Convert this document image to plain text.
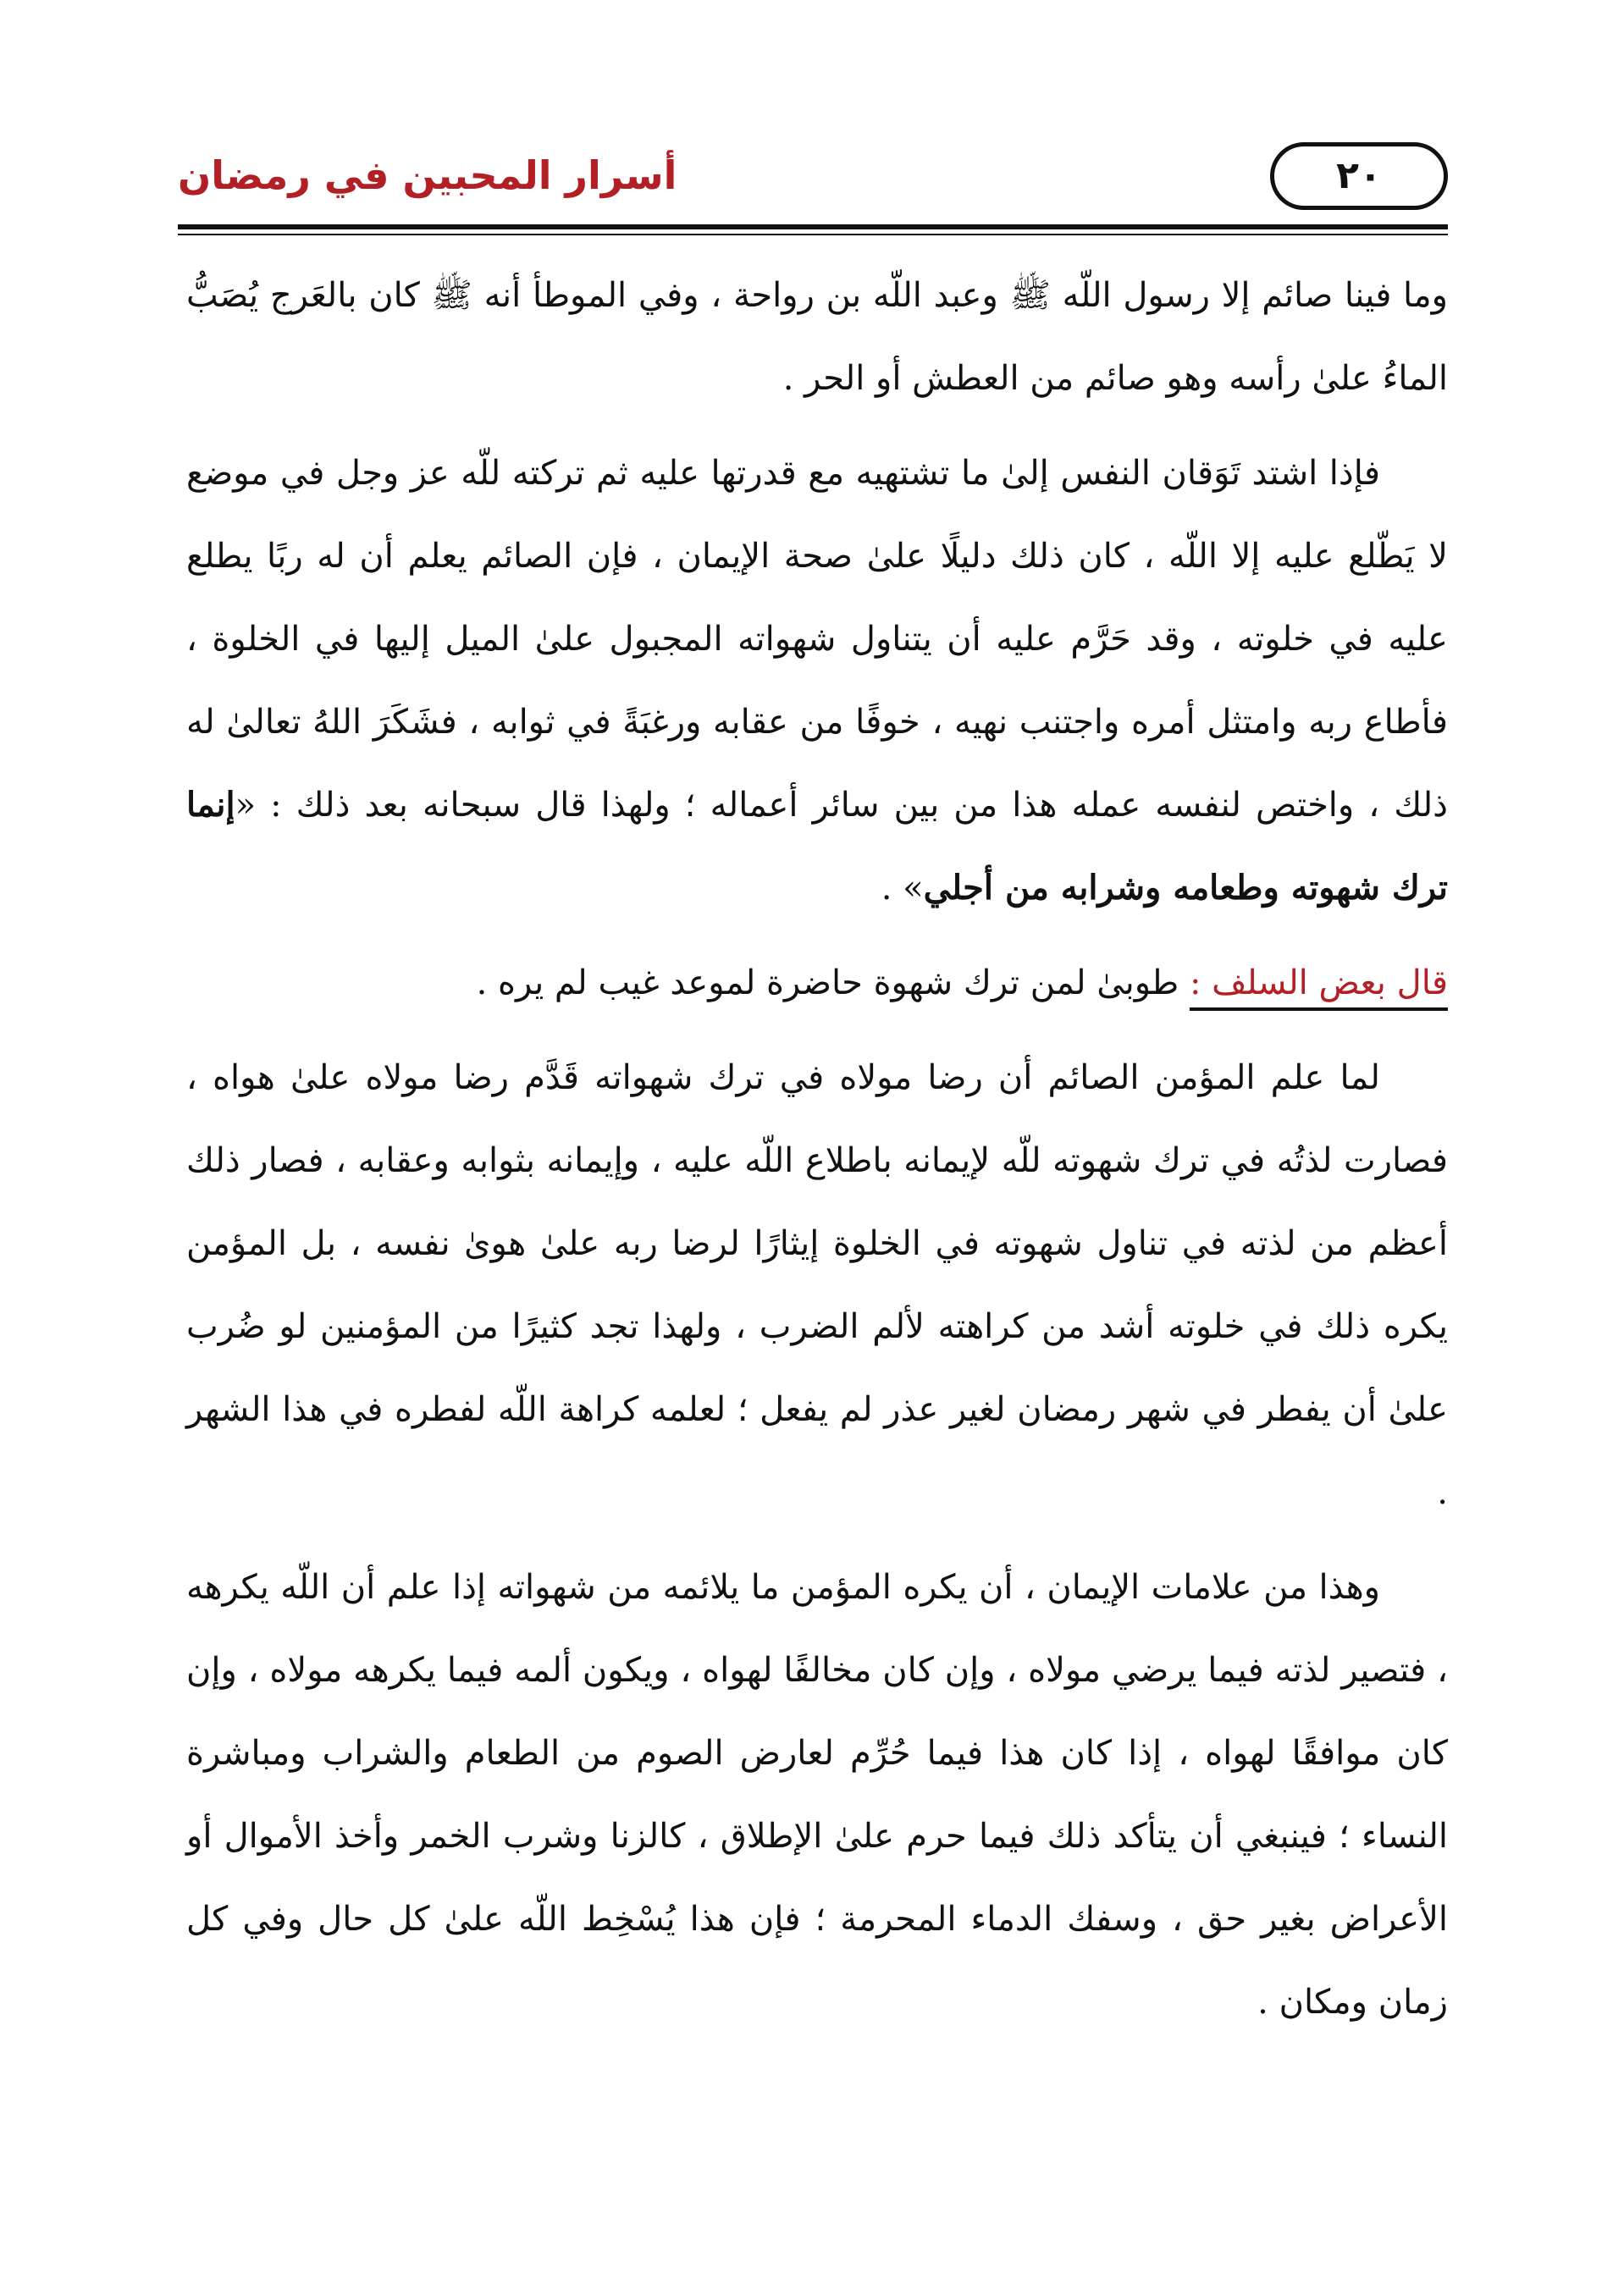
أسرار المحبين في رمضان	٢٠

وما فينا صائم إلا رسول اللّه ﷺ وعبد اللّه بن رواحة ، وفي الموطأ أنه ﷺ كان بالعَرج يُصَبُّ الماءُ علىٰ رأسه وهو صائم من العطش أو الحر .

فإذا اشتد تَوَقان النفس إلىٰ ما تشتهيه مع قدرتها عليه ثم تركته للّه عز وجل في موضع لا يَطّلع عليه إلا اللّه ، كان ذلك دليلًا علىٰ صحة الإيمان ، فإن الصائم يعلم أن له ربًا يطلع عليه في خلوته ، وقد حَرَّم عليه أن يتناول شهواته المجبول علىٰ الميل إليها في الخلوة ، فأطاع ربه وامتثل أمره واجتنب نهيه ، خوفًا من عقابه ورغبَةً في ثوابه ، فشَكَرَ اللهُ تعالىٰ له ذلك ، واختص لنفسه عمله هذا من بين سائر أعماله ؛ ولهذا قال سبحانه بعد ذلك : «إنما ترك شهوته وطعامه وشرابه من أجلي» .

قال بعض السلف : طوبىٰ لمن ترك شهوة حاضرة لموعد غيب لم يره .

لما علم المؤمن الصائم أن رضا مولاه في ترك شهواته قَدَّم رضا مولاه علىٰ هواه ، فصارت لذتُه في ترك شهوته للّه لإيمانه باطلاع اللّه عليه ، وإيمانه بثوابه وعقابه ، فصار ذلك أعظم من لذته في تناول شهوته في الخلوة إيثارًا لرضا ربه علىٰ هوىٰ نفسه ، بل المؤمن يكره ذلك في خلوته أشد من كراهته لألم الضرب ، ولهذا تجد كثيرًا من المؤمنين لو ضُرب علىٰ أن يفطر في شهر رمضان لغير عذر لم يفعل ؛ لعلمه كراهة اللّه لفطره في هذا الشهر .

وهذا من علامات الإيمان ، أن يكره المؤمن ما يلائمه من شهواته إذا علم أن اللّه يكرهه ، فتصير لذته فيما يرضي مولاه ، وإن كان مخالفًا لهواه ، ويكون ألمه فيما يكرهه مولاه ، وإن كان موافقًا لهواه ، إذا كان هذا فيما حُرِّم لعارض الصوم من الطعام والشراب ومباشرة النساء ؛ فينبغي أن يتأكد ذلك فيما حرم علىٰ الإطلاق ، كالزنا وشرب الخمر وأخذ الأموال أو الأعراض بغير حق ، وسفك الدماء المحرمة ؛ فإن هذا يُسْخِط اللّه علىٰ كل حال وفي كل زمان ومكان .
